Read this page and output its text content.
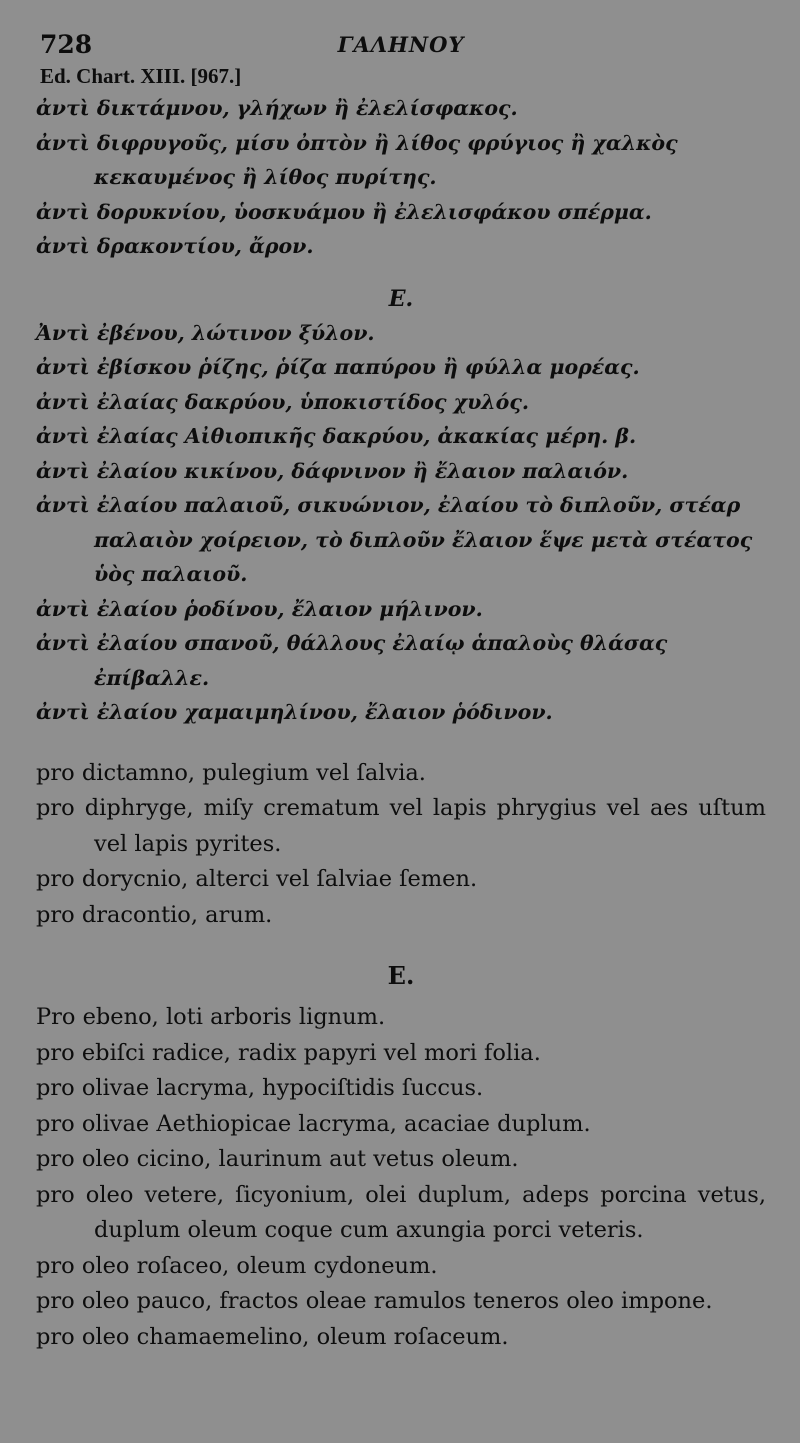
728	ΓΑΛΗΝΟΥ
Ed. Chart. XIII. [967.]
ἀντὶ δικτάμνου, γλήχων ἢ ἐλελίσφακος.
ἀντὶ διφρυγοῦς, μίσυ ὀπτὸν ἢ λίθος φρύγιος ἢ χαλκὸς κεκαυμένος ἢ λίθος πυρίτης.
ἀντὶ δορυκνίου, ὑοσκυάμου ἢ ἐλελισφάκου σπέρμα.
ἀντὶ δρακοντίου, ἄρον.
E.
Ἀντὶ ἐβένου, λώτινον ξύλον.
ἀντὶ ἐβίσκου ῥίζης, ῥίζα παπύρου ἢ φύλλα μορέας.
ἀντὶ ἐλαίας δακρύου, ὑποκιστίδος χυλός.
ἀντὶ ἐλαίας Αἰθιοπικῆς δακρύου, ἀκακίας μέρη. β.
ἀντὶ ἐλαίου κικίνου, δάφνινον ἢ ἔλαιον παλαιόν.
ἀντὶ ἐλαίου παλαιοῦ, σικυώνιον, ἐλαίου τὸ διπλοῦν, στέαρ παλαιὸν χοίρειον, τὸ διπλοῦν ἔλαιον ἕψε μετὰ στέατος ὑὸς παλαιοῦ.
ἀντὶ ἐλαίου ῥοδίνου, ἔλαιον μήλινον.
ἀντὶ ἐλαίου σπανοῦ, θάλλους ἐλαίῳ ἁπαλοὺς θλάσας ἐπίβαλλε.
ἀντὶ ἐλαίου χαμαιμηλίνου, ἔλαιον ῥόδινον.
pro dictamno, pulegium vel ſalvia.
pro diphryge, miſy crematum vel lapis phrygius vel aes uſtum vel lapis pyrites.
pro dorycnio, alterci vel ſalviae ſemen.
pro dracontio, arum.
E.
Pro ebeno, loti arboris lignum.
pro ebiſci radice, radix papyri vel mori folia.
pro olivae lacryma, hypociſtidis ſuccus.
pro olivae Aethiopicae lacryma, acaciae duplum.
pro oleo cicino, laurinum aut vetus oleum.
pro oleo vetere, ſicyonium, olei duplum, adeps porcina vetus, duplum oleum coque cum axungia porci veteris.
pro oleo roſaceo, oleum cydoneum.
pro oleo pauco, fractos oleae ramulos teneros oleo impone.
pro oleo chamaemelino, oleum roſaceum.
